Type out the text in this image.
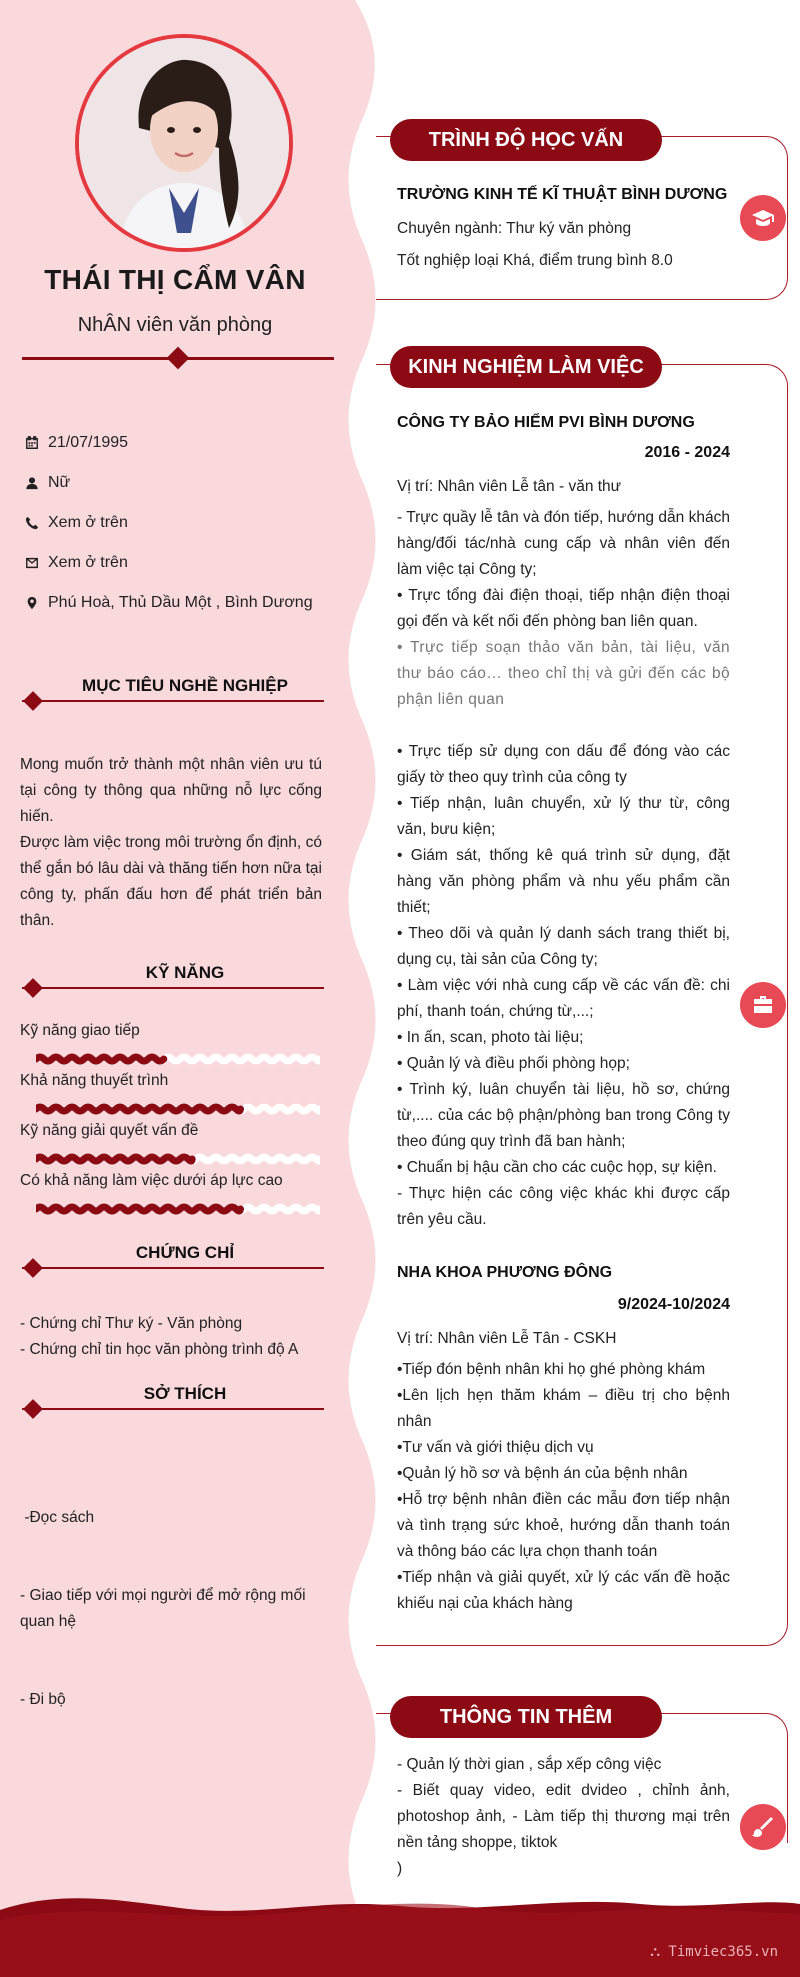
THÁI THỊ CẨM VÂN
NhÂN viên văn phòng
21/07/1995
Nữ
Xem ở trên
Xem ở trên
Phú Hoà, Thủ Dầu Một , Bình Dương
MỤC TIÊU NGHỀ NGHIỆP
Mong muốn trở thành một nhân viên ưu tú tại công ty thông qua những nỗ lực cống hiến.
Được làm việc trong môi trường ổn định, có thể gắn bó lâu dài và thăng tiến hơn nữa tại công ty, phấn đấu hơn để phát triển bản thân.
KỸ NĂNG
Kỹ năng giao tiếp
Khả năng thuyết trình
Kỹ năng giải quyết vấn đề
Có khả năng làm việc dưới áp lực cao
CHỨNG CHỈ
- Chứng chỉ Thư ký - Văn phòng
- Chứng chỉ tin học văn phòng trình độ A
SỞ THÍCH

-Đọc sách

- Giao tiếp với mọi người để mở rộng mối quan hệ

- Đi bộ

TRÌNH ĐỘ HỌC VẤN
TRƯỜNG KINH TẾ KĨ THUẬT BÌNH DƯƠNG
Chuyên ngành: Thư ký văn phòng
Tốt nghiệp loại Khá, điểm trung bình 8.0
KINH NGHIỆM LÀM VIỆC
CÔNG TY BẢO HIỂM PVI BÌNH DƯƠNG
2016 - 2024
Vị trí: Nhân viên Lễ tân - văn thư
- Trực quầy lễ tân và đón tiếp, hướng dẫn khách hàng/đối tác/nhà cung cấp và nhân viên đến làm việc tại Công ty;
• Trực tổng đài điện thoại, tiếp nhận điện thoại gọi đến và kết nối đến phòng ban liên quan.
• Trực tiếp soạn thảo văn bản, tài liệu, văn thư báo cáo… theo chỉ thị và gửi đến các bộ phận liên quan
• Trực tiếp sử dụng con dấu để đóng vào các giấy tờ theo quy trình của công ty
• Tiếp nhận, luân chuyển, xử lý thư từ, công văn, bưu kiện;
• Giám sát, thống kê quá trình sử dụng, đặt hàng văn phòng phẩm và nhu yếu phẩm cần thiết;
• Theo dõi và quản lý danh sách trang thiết bị, dụng cụ, tài sản của Công ty;
• Làm việc với nhà cung cấp về các vấn đề: chi phí, thanh toán, chứng từ,...;
• In ấn, scan, photo tài liệu;
• Quản lý và điều phối phòng họp;
• Trình ký, luân chuyển tài liệu, hồ sơ, chứng từ,.... của các bộ phận/phòng ban trong Công ty theo đúng quy trình đã ban hành;
• Chuẩn bị hậu cần cho các cuộc họp, sự kiện.
- Thực hiện các công việc khác khi được cấp trên yêu cầu.
NHA KHOA PHƯƠNG ĐÔNG
9/2024-10/2024
Vị trí: Nhân viên Lễ Tân - CSKH
•Tiếp đón bệnh nhân khi họ ghé phòng khám
•Lên lịch hẹn thăm khám – điều trị cho bệnh nhân
•Tư vấn và giới thiệu dịch vụ
•Quản lý hồ sơ và bệnh án của bệnh nhân
•Hỗ trợ bệnh nhân điền các mẫu đơn tiếp nhận và tình trạng sức khoẻ, hướng dẫn thanh toán và thông báo các lựa chọn thanh toán
•Tiếp nhận và giải quyết, xử lý các vấn đề hoặc khiếu nại của khách hàng
THÔNG TIN THÊM
- Quản lý thời gian , sắp xếp công việc
- Biết quay video, edit dvideo , chỉnh ảnh, photoshop ảnh, - Làm tiếp thị thương mại trên nền tảng shoppe, tiktok
)
⛬ Timviec365.vn
